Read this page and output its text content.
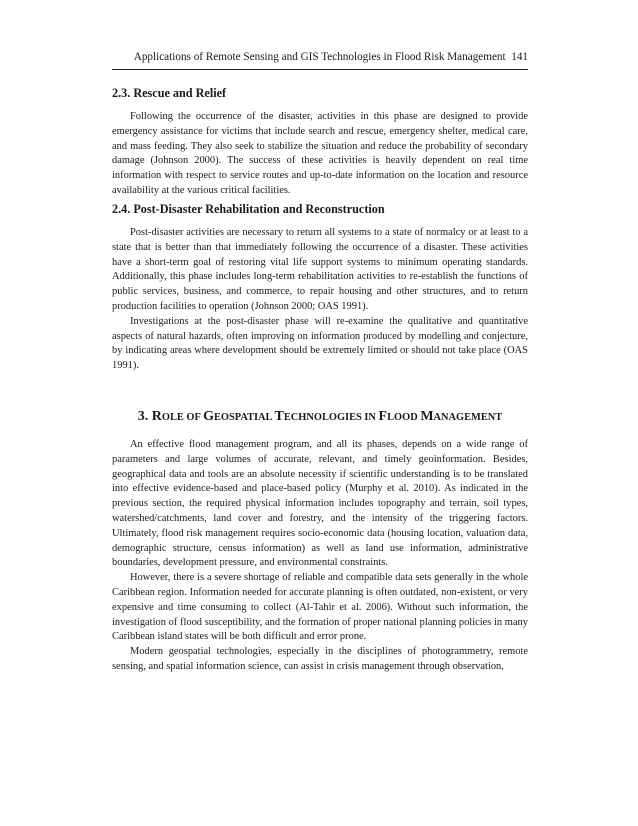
Applications of Remote Sensing and GIS Technologies in Flood Risk Management 141
2.3. Rescue and Relief

Following the occurrence of the disaster, activities in this phase are designed to provide emergency assistance for victims that include search and rescue, emergency shelter, medical care, and mass feeding. They also seek to stabilize the situation and reduce the probability of secondary damage (Johnson 2000). The success of these activities is heavily dependent on real time information with respect to service routes and up-to-date information on the location and resource availability at the various critical facilities.

2.4. Post-Disaster Rehabilitation and Reconstruction

Post-disaster activities are necessary to return all systems to a state of normalcy or at least to a state that is better than that immediately following the occurrence of a disaster. These activities have a short-term goal of restoring vital life support systems to minimum operating standards. Additionally, this phase includes long-term rehabilitation activities to re-establish the functions of public services, business, and commerce, to repair housing and other structures, and to return production facilities to operation (Johnson 2000; OAS 1991).

Investigations at the post-disaster phase will re-examine the qualitative and quantitative aspects of natural hazards, often improving on information produced by modelling and conjecture, by indicating areas where development should be extremely limited or should not take place (OAS 1991).

3. ROLE OF GEOSPATIAL TECHNOLOGIES IN FLOOD MANAGEMENT

An effective flood management program, and all its phases, depends on a wide range of parameters and large volumes of accurate, relevant, and timely geoinformation. Besides, geographical data and tools are an absolute necessity if scientific understanding is to be translated into effective evidence-based and place-based policy (Murphy et al. 2010). As indicated in the previous section, the required physical information includes topography and terrain, soil types, watershed/catchments, land cover and forestry, and the intensity of the triggering factors. Ultimately, flood risk management requires socio-economic data (housing location, valuation data, demographic structure, census information) as well as land use information, administrative boundaries, development pressure, and environmental constraints.

However, there is a severe shortage of reliable and compatible data sets generally in the whole Caribbean region. Information needed for accurate planning is often outdated, non-existent, or very expensive and time consuming to collect (Al-Tahir et al. 2006). Without such information, the investigation of flood susceptibility, and the formation of proper national planning policies in many Caribbean island states will be both difficult and error prone.

Modern geospatial technologies, especially in the disciplines of photogrammetry, remote sensing, and spatial information science, can assist in crisis management through observation,
